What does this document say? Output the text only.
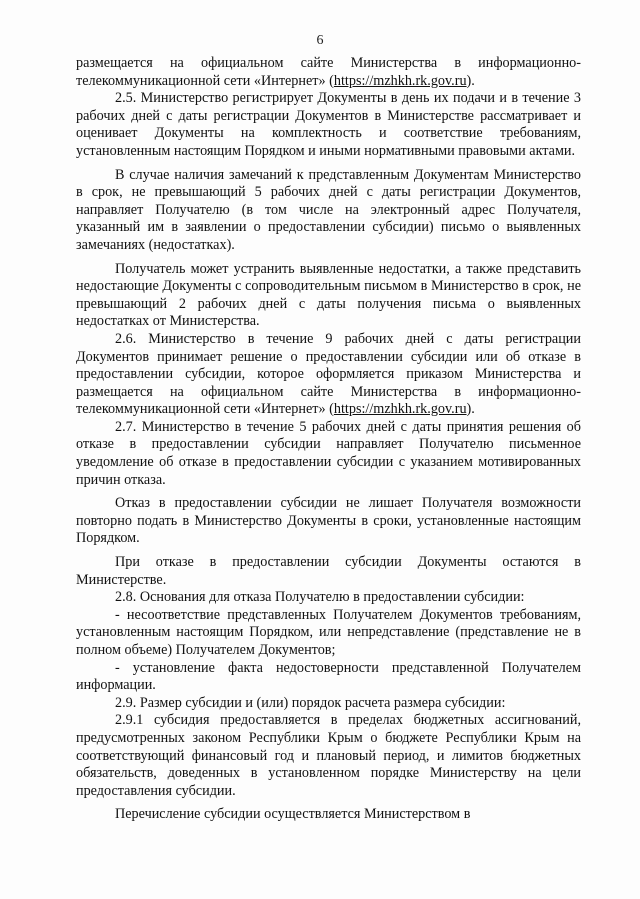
6

размещается на официальном сайте Министерства в информационно-телекоммуникационной сети «Интернет» (https://mzhkh.rk.gov.ru).

2.5. Министерство регистрирует Документы в день их подачи и в течение 3 рабочих дней с даты регистрации Документов в Министерстве рассматривает и оценивает Документы на комплектность и соответствие требованиям, установленным настоящим Порядком и иными нормативными правовыми актами.

В случае наличия замечаний к представленным Документам Министерство в срок, не превышающий 5 рабочих дней с даты регистрации Документов, направляет Получателю (в том числе на электронный адрес Получателя, указанный им в заявлении о предоставлении субсидии) письмо о выявленных замечаниях (недостатках).

Получатель может устранить выявленные недостатки, а также представить недостающие Документы с сопроводительным письмом в Министерство в срок, не превышающий 2 рабочих дней с даты получения письма о выявленных недостатках от Министерства.

2.6. Министерство в течение 9 рабочих дней с даты регистрации Документов принимает решение о предоставлении субсидии или об отказе в предоставлении субсидии, которое оформляется приказом Министерства и размещается на официальном сайте Министерства в информационно-телекоммуникационной сети «Интернет» (https://mzhkh.rk.gov.ru).

2.7. Министерство в течение 5 рабочих дней с даты принятия решения об отказе в предоставлении субсидии направляет Получателю письменное уведомление об отказе в предоставлении субсидии с указанием мотивированных причин отказа.

Отказ в предоставлении субсидии не лишает Получателя возможности повторно подать в Министерство Документы в сроки, установленные настоящим Порядком.

При отказе в предоставлении субсидии Документы остаются в Министерстве.

2.8. Основания для отказа Получателю в предоставлении субсидии:

- несоответствие представленных Получателем Документов требованиям, установленным настоящим Порядком, или непредставление (представление не в полном объеме) Получателем Документов;

- установление факта недостоверности представленной Получателем информации.

2.9. Размер субсидии и (или) порядок расчета размера субсидии:

2.9.1 субсидия предоставляется в пределах бюджетных ассигнований, предусмотренных законом Республики Крым о бюджете Республики Крым на соответствующий финансовый год и плановый период, и лимитов бюджетных обязательств, доведенных в установленном порядке Министерству на цели предоставления субсидии.

Перечисление субсидии осуществляется Министерством в
